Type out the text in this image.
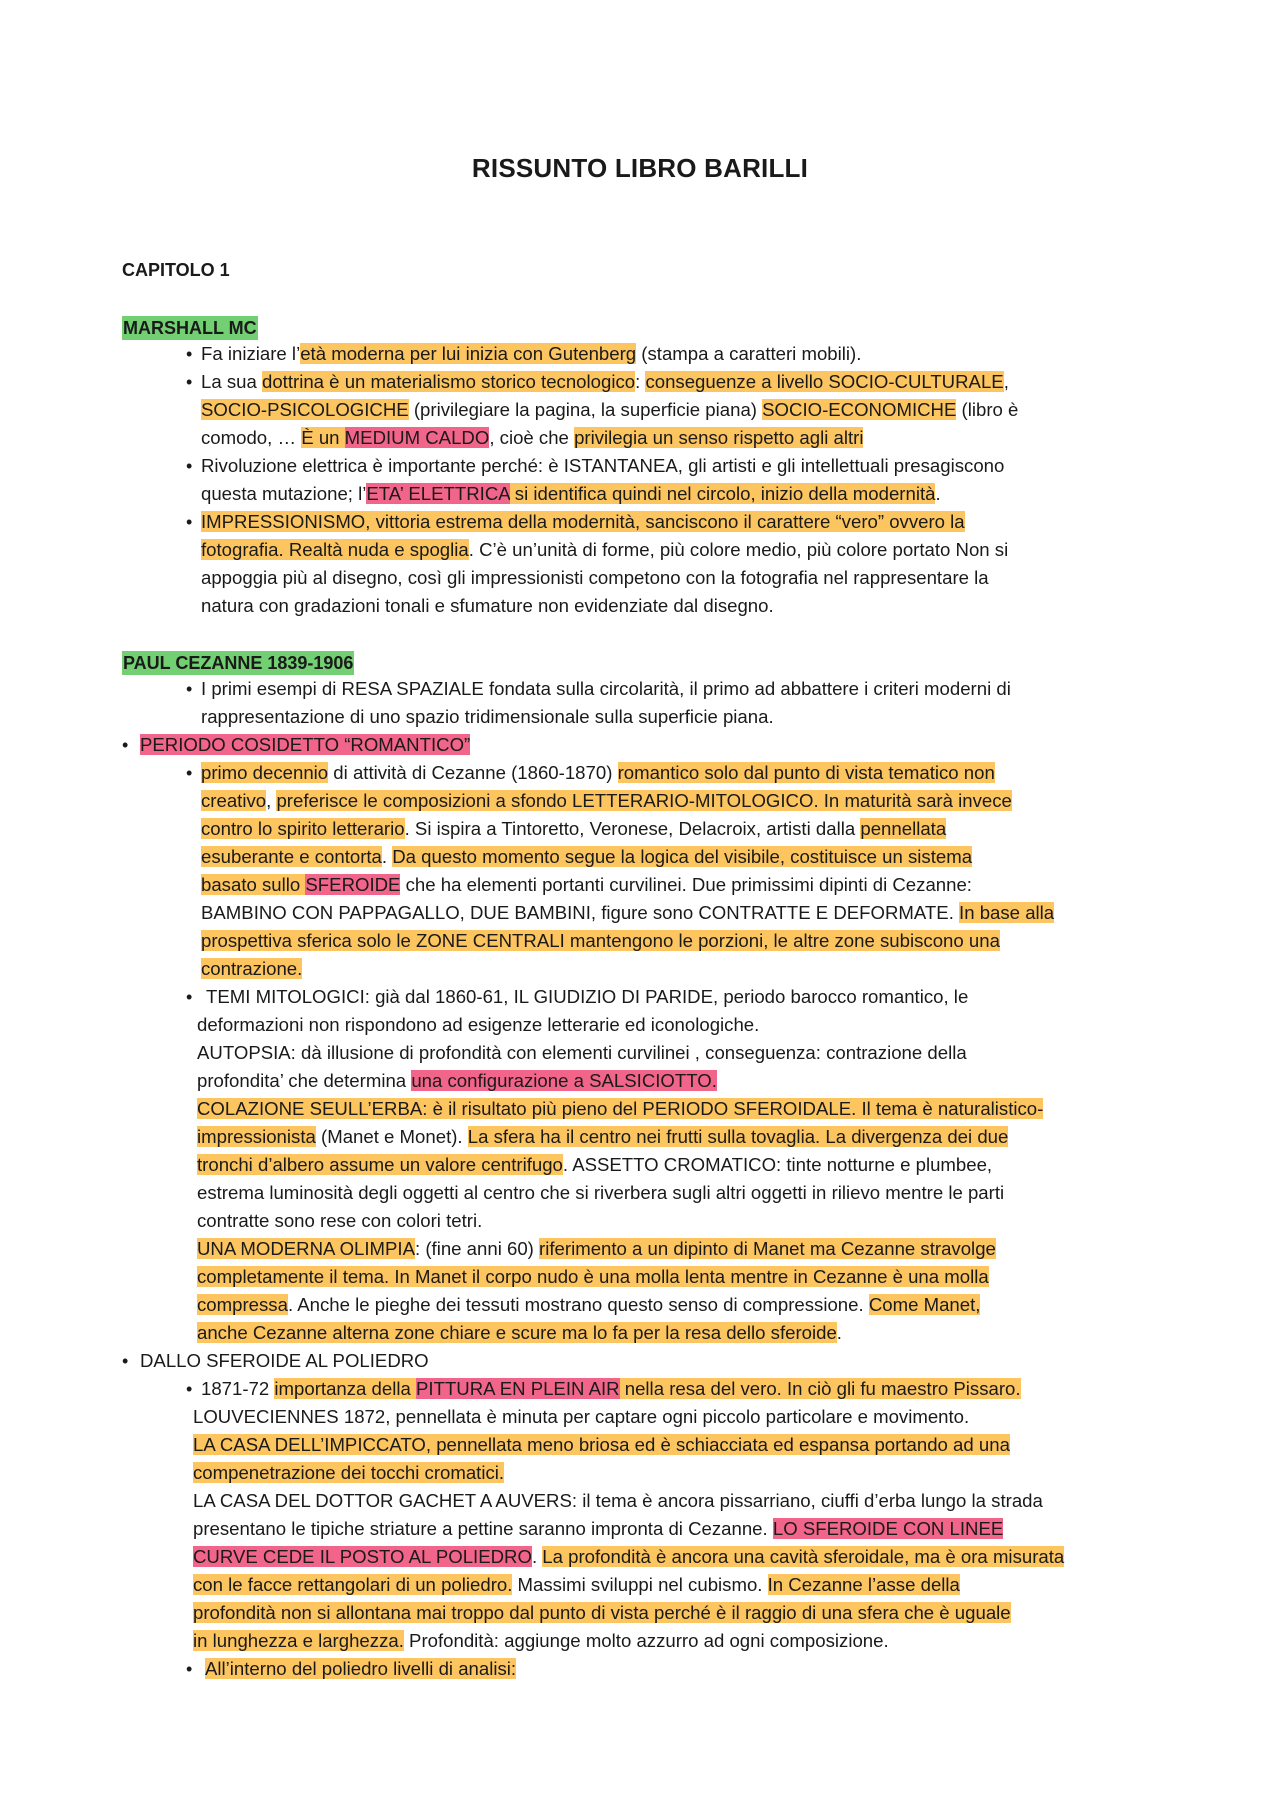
RISSUNTO LIBRO BARILLI
CAPITOLO 1
MARSHALL MC
PAUL CEZANNE 1839-1906
• Fa iniziare l’età moderna per lui inizia con Gutenberg (stampa a caratteri mobili).
• La sua dottrina è un materialismo storico tecnologico: conseguenze a livello SOCIO-CULTURALE,
SOCIO-PSICOLOGICHE (privilegiare la pagina, la superficie piana) SOCIO-ECONOMICHE (libro è
comodo, … È un MEDIUM CALDO, cioè che privilegia un senso rispetto agli altri
• Rivoluzione elettrica è importante perché: è ISTANTANEA, gli artisti e gli intellettuali presagiscono
questa mutazione; l’ETA’ ELETTRICA si identifica quindi nel circolo, inizio della modernità.
• IMPRESSIONISMO, vittoria estrema della modernità, sanciscono il carattere “vero” ovvero la
fotografia. Realtà nuda e spoglia. C’è un’unità di forme, più colore medio, più colore portato Non si
appoggia più al disegno, così gli impressionisti competono con la fotografia nel rappresentare la
natura con gradazioni tonali e sfumature non evidenziate dal disegno.
• I primi esempi di RESA SPAZIALE fondata sulla circolarità, il primo ad abbattere i criteri moderni di
rappresentazione di uno spazio tridimensionale sulla superficie piana.
• PERIODO COSIDETTO “ROMANTICO”
• primo decennio di attività di Cezanne (1860-1870) romantico solo dal punto di vista tematico non
creativo, preferisce le composizioni a sfondo LETTERARIO-MITOLOGICO. In maturità sarà invece
contro lo spirito letterario. Si ispira a Tintoretto, Veronese, Delacroix, artisti dalla pennellata
esuberante e contorta. Da questo momento segue la logica del visibile, costituisce un sistema
basato sullo SFEROIDE che ha elementi portanti curvilinei. Due primissimi dipinti di Cezanne:
BAMBINO CON PAPPAGALLO, DUE BAMBINI, figure sono CONTRATTE E DEFORMATE. In base alla
prospettiva sferica solo le ZONE CENTRALI mantengono le porzioni, le altre zone subiscono una
contrazione.
• TEMI MITOLOGICI: già dal 1860-61, IL GIUDIZIO DI PARIDE, periodo barocco romantico, le
deformazioni non rispondono ad esigenze letterarie ed iconologiche.
AUTOPSIA: dà illusione di profondità con elementi curvilinei , conseguenza: contrazione della
profondita’ che determina una configurazione a SALSICIOTTO.
COLAZIONE SEULL’ERBA: è il risultato più pieno del PERIODO SFEROIDALE. Il tema è naturalistico-
impressionista (Manet e Monet). La sfera ha il centro nei frutti sulla tovaglia. La divergenza dei due
tronchi d’albero assume un valore centrifugo. ASSETTO CROMATICO: tinte notturne e plumbee,
estrema luminosità degli oggetti al centro che si riverbera sugli altri oggetti in rilievo mentre le parti
contratte sono rese con colori tetri.
UNA MODERNA OLIMPIA: (fine anni 60) riferimento a un dipinto di Manet ma Cezanne stravolge
completamente il tema. In Manet il corpo nudo è una molla lenta mentre in Cezanne è una molla
compressa. Anche le pieghe dei tessuti mostrano questo senso di compressione. Come Manet,
anche Cezanne alterna zone chiare e scure ma lo fa per la resa dello sferoide.
• DALLO SFEROIDE AL POLIEDRO
• 1871-72 importanza della PITTURA EN PLEIN AIR nella resa del vero. In ciò gli fu maestro Pissaro.
LOUVECIENNES 1872, pennellata è minuta per captare ogni piccolo particolare e movimento.
LA CASA DELL’IMPICCATO, pennellata meno briosa ed è schiacciata ed espansa portando ad una
compenetrazione dei tocchi cromatici.
LA CASA DEL DOTTOR GACHET A AUVERS: il tema è ancora pissarriano, ciuffi d’erba lungo la strada
presentano le tipiche striature a pettine saranno impronta di Cezanne. LO SFEROIDE CON LINEE
CURVE CEDE IL POSTO AL POLIEDRO. La profondità è ancora una cavità sferoidale, ma è ora misurata
con le facce rettangolari di un poliedro. Massimi sviluppi nel cubismo. In Cezanne l’asse della
profondità non si allontana mai troppo dal punto di vista perché è il raggio di una sfera che è uguale
in lunghezza e larghezza. Profondità: aggiunge molto azzurro ad ogni composizione.
• All’interno del poliedro livelli di analisi:
